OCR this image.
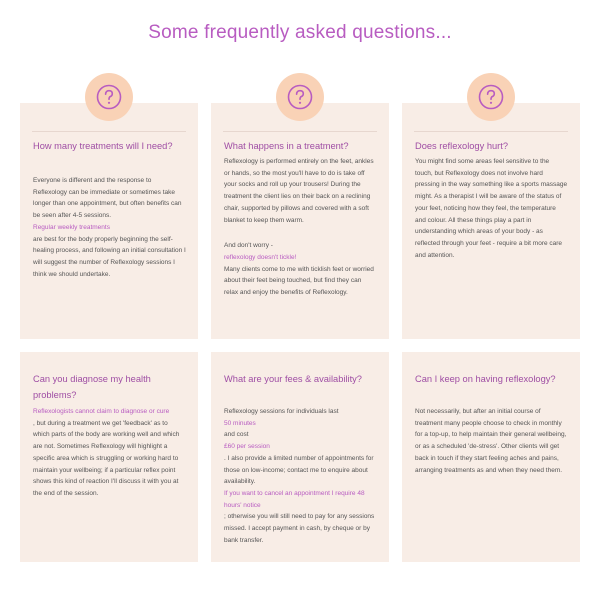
Some frequently asked questions...
How many treatments will I need?
Everyone is different and the response to Reflexology can be immediate or sometimes take longer than one appointment, but often benefits can be seen after 4-5 sessions.
Regular weekly treatments
are best for the body properly beginning the self-healing process, and following an initial consultation I will suggest the number of Reflexology sessions I think we should undertake.
What happens in a treatment?
Reflexology is performed entirely on the feet, ankles or hands, so the most you'll have to do is take off your socks and roll up your trousers! During the treatment the client lies on their back on a reclining chair, supported by pillows and covered with a soft blanket to keep them warm.
And don't worry -
reflexology doesn't tickle!
Many clients come to me with ticklish feet or worried about their feet being touched, but find they can relax and enjoy the benefits of Reflexology.
Does reflexology hurt?
You might find some areas feel sensitive to the touch, but Reflexology does not involve hard pressing in the way something like a sports massage might. As a therapist I will be aware of the status of your feet, noticing how they feel, the temperature and colour. All these things play a part in understanding which areas of your body - as reflected through your feet - require a bit more care and attention.
Can you diagnose my health problems?
Reflexologists cannot claim to diagnose or cure
, but during a treatment we get 'feedback' as to which parts of the body are working well and which are not. Sometimes Reflexology will highlight a specific area which is struggling or working hard to maintain your wellbeing; if a particular reflex point shows this kind of reaction I'll discuss it with you at the end of the session.
What are your fees & availability?
Reflexology sessions for individuals last
50 minutes
and cost
£60 per session
. I also provide a limited number of appointments for those on low-income; contact me to enquire about availability.
If you want to cancel an appointment I require 48 hours' notice
; otherwise you will still need to pay for any sessions missed. I accept payment in cash, by cheque or by bank transfer.
Can I keep on having reflexology?
Not necessarily, but after an initial course of treatment many people choose to check in monthly for a top-up, to help maintain their general wellbeing, or as a scheduled 'de-stress'. Other clients will get back in touch if they start feeling aches and pains, arranging treatments as and when they need them.
